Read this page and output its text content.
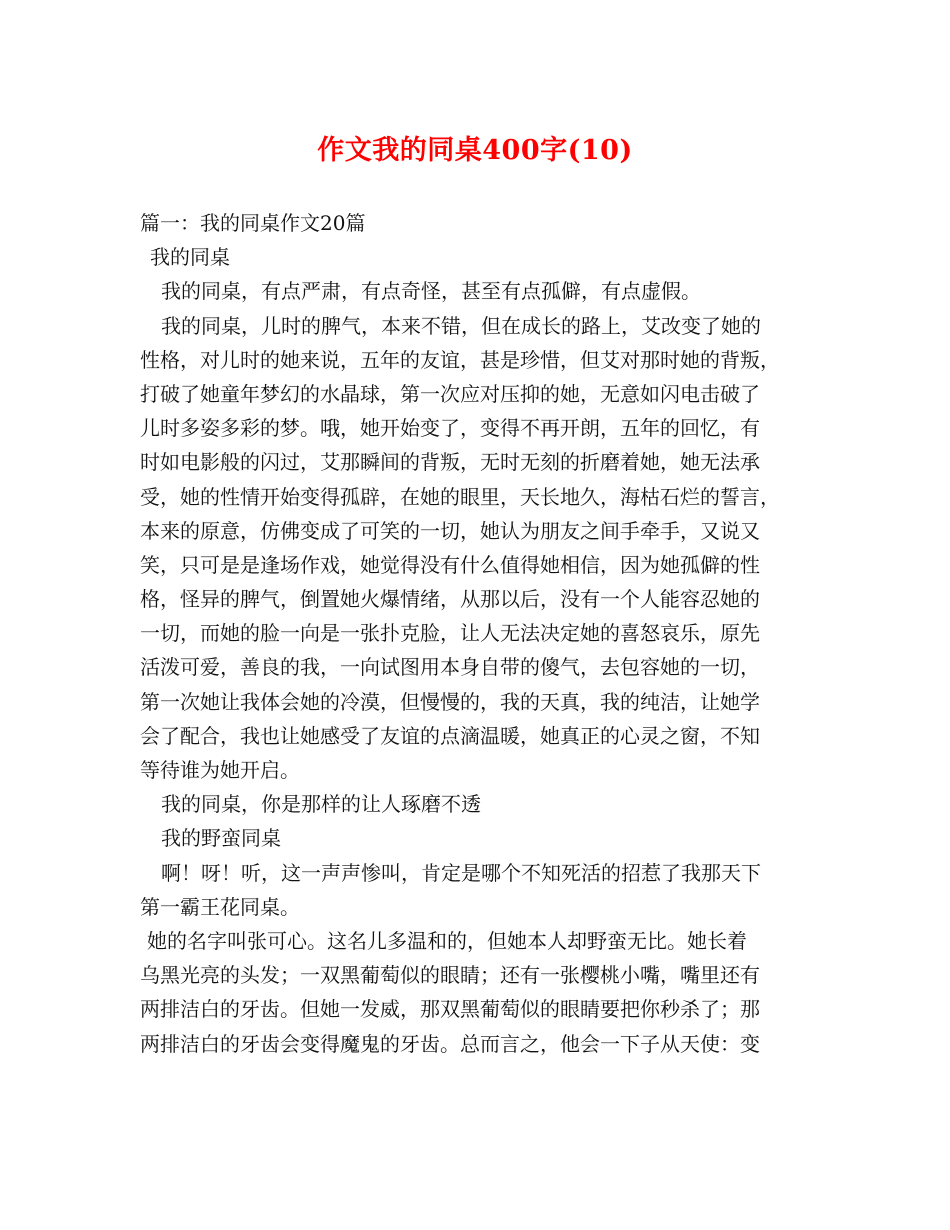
作文我的同桌400字(10)
篇一：我的同桌作文20篇
我的同桌
我的同桌，有点严肃，有点奇怪，甚至有点孤僻，有点虚假。
我的同桌，儿时的脾气，本来不错，但在成长的路上，艾改变了她的
性格，对儿时的她来说，五年的友谊，甚是珍惜，但艾对那时她的背叛，
打破了她童年梦幻的水晶球，第一次应对压抑的她，无意如闪电击破了
儿时多姿多彩的梦。哦，她开始变了，变得不再开朗，五年的回忆，有
时如电影般的闪过，艾那瞬间的背叛，无时无刻的折磨着她，她无法承
受，她的性情开始变得孤辟，在她的眼里，天长地久，海枯石烂的誓言，
本来的原意，仿佛变成了可笑的一切，她认为朋友之间手牵手，又说又
笑，只可是是逢场作戏，她觉得没有什么值得她相信，因为她孤僻的性
格，怪异的脾气，倒置她火爆情绪，从那以后，没有一个人能容忍她的
一切，而她的脸一向是一张扑克脸，让人无法决定她的喜怒哀乐，原先
活泼可爱，善良的我，一向试图用本身自带的傻气，去包容她的一切，
第一次她让我体会她的冷漠，但慢慢的，我的天真，我的纯洁，让她学
会了配合，我也让她感受了友谊的点滴温暖，她真正的心灵之窗，不知
等待谁为她开启。
我的同桌，你是那样的让人琢磨不透
我的野蛮同桌
啊！呀！听，这一声声惨叫，肯定是哪个不知死活的招惹了我那天下
第一霸王花同桌。
她的名字叫张可心。这名儿多温和的，但她本人却野蛮无比。她长着
乌黑光亮的头发；一双黑葡萄似的眼睛；还有一张樱桃小嘴，嘴里还有
两排洁白的牙齿。但她一发威，那双黑葡萄似的眼睛要把你秒杀了；那
两排洁白的牙齿会变得魔鬼的牙齿。总而言之，他会一下子从天使：变
